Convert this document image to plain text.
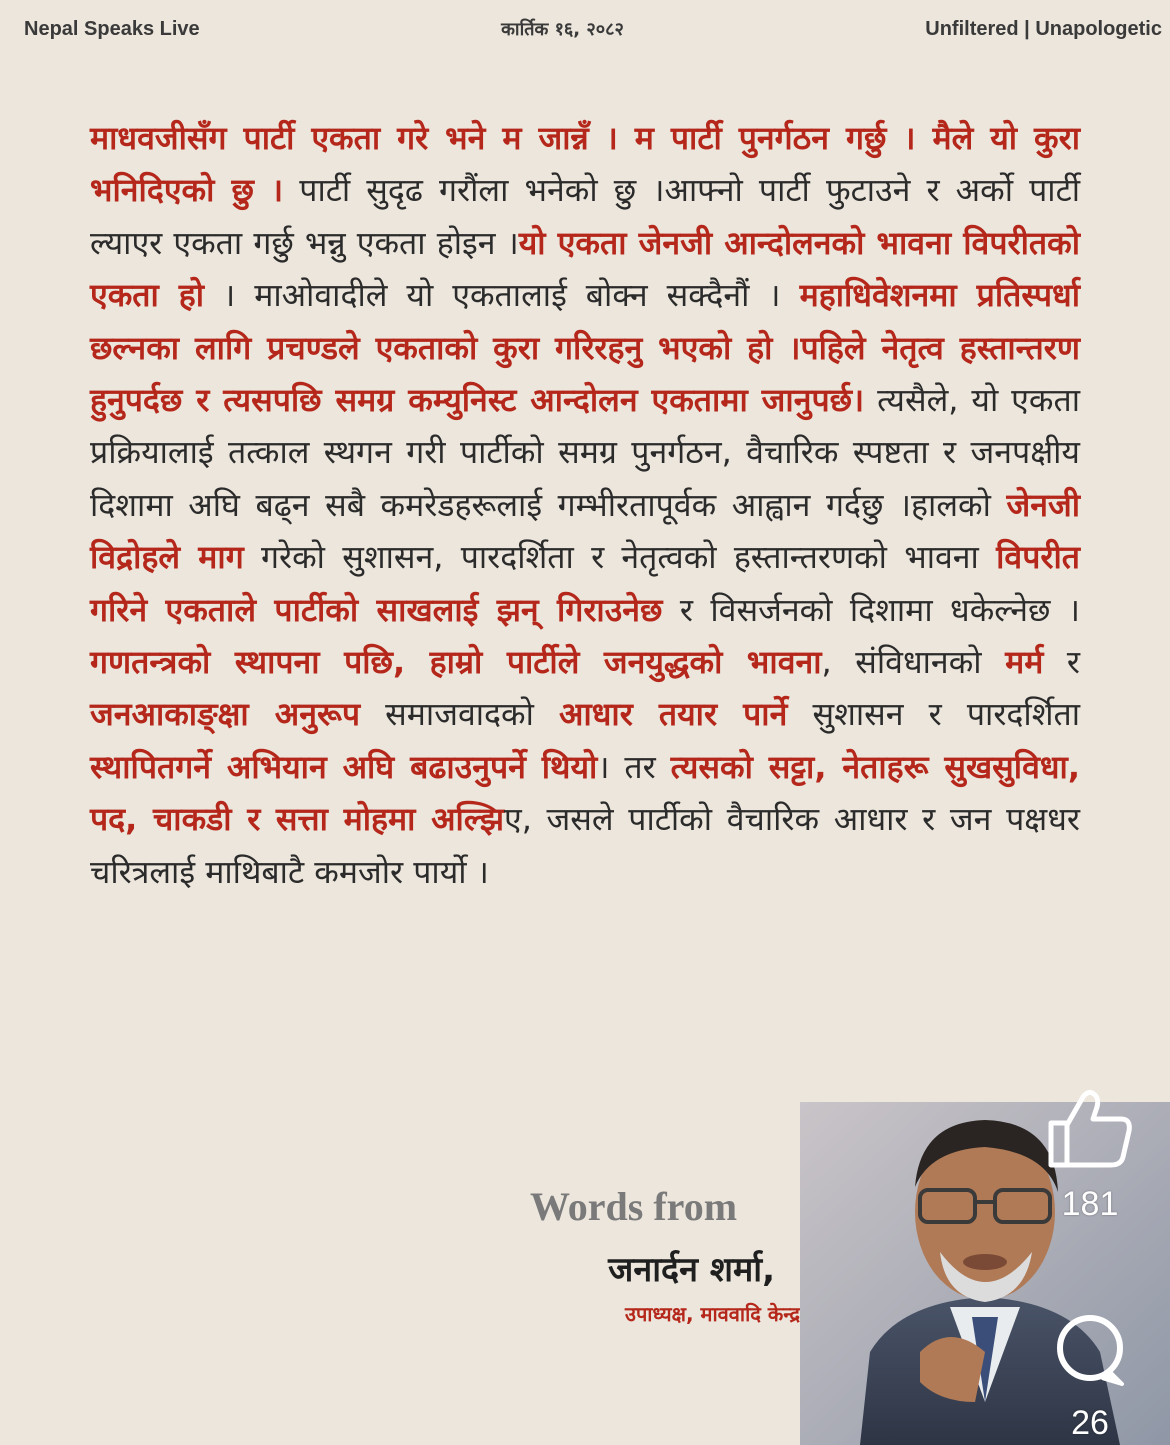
Nepal Speaks Live	कार्तिक १६, २०८२	Unfiltered | Unapologetic
माधवजीसँग पार्टी एकता गरे भने म जान्नँ । म पार्टी पुनर्गठन गर्छु । मैले यो कुरा भनिदिएको छु । पार्टी सुदृढ गरौंला भनेको छु ।आफ्नो पार्टी फुटाउने र अर्को पार्टी ल्याएर एकता गर्छु भन्नु एकता होइन ।यो एकता जेनजी आन्दोलनको भावना विपरीतको एकता हो । माओवादीले यो एकतालाई बोक्न सक्दैनौं । महाधिवेशनमा प्रतिस्पर्धा छल्नका लागि प्रचण्डले एकताको कुरा गरिरहनु भएको हो ।पहिले नेतृत्व हस्तान्तरण हुनुपर्दछ र त्यसपछि समग्र कम्युनिस्ट आन्दोलन एकतामा जानुपर्छ। त्यसैले, यो एकता प्रक्रियालाई तत्काल स्थगन गरी पार्टीको समग्र पुनर्गठन, वैचारिक स्पष्टता र जनपक्षीय दिशामा अघि बढ्न सबै कमरेडहरूलाई गम्भीरतापूर्वक आह्वान गर्दछु ।हालको जेनजी विद्रोहले माग गरेको सुशासन, पारदर्शिता र नेतृत्वको हस्तान्तरणको भावना विपरीत गरिने एकताले पार्टीको साखलाई झन् गिराउनेछ र विसर्जनको दिशामा धकेल्नेछ । गणतन्त्रको स्थापना पछि, हाम्रो पार्टीले जनयुद्धको भावना, संविधानको मर्म र जनआकाङ्क्षा अनुरूप समाजवादको आधार तयार पार्ने सुशासन र पारदर्शिता स्थापितगर्ने अभियान अघि बढाउनुपर्ने थियो। तर त्यसको सट्टा, नेताहरू सुखसुविधा, पद, चाकडी र सत्ता मोहमा अल्झिए, जसले पार्टीको वैचारिक आधार र जन पक्षधर चरित्रलाई माथिबाटै कमजोर पार्यो ।
Words from
जनार्दन शर्मा,
उपाध्यक्ष, माववादि केन्द्र
181
26
